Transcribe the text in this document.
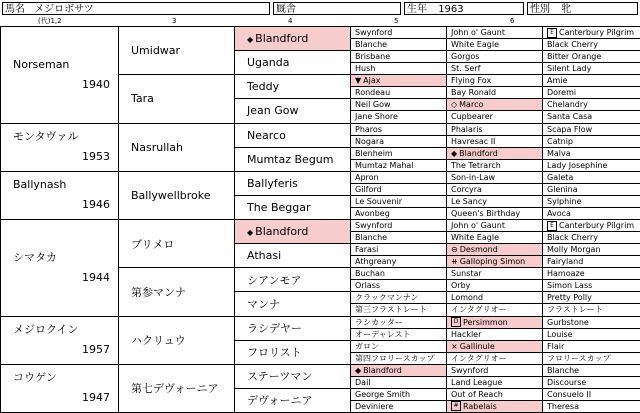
馬名 メジロボサツ	厩舎	生年 1963	性別 牝
(代)1,2	3	4	5	6
Norseman
1940	Umidwar	◆ Blandford	Swynford	John o' Gaunt	E Canterbury Pilgrim
			Blanche	White Eagle	Black Cherry
		Uganda	Brisbane	Gorgos	Bitter Orange
			Hush	St. Serf	Silent Lady
	Tara	Teddy	▼ Ajax	Flying Fox	Amie
			Rondeau	Bay Ronald	Doremi
		Jean Gow	Neil Gow	◇ Marco	Chelandry
			Jane Shore	Cupbearer	Santa Casa
モンタヴァル
1953	Nasrullah	Nearco	Pharos	Phalaris	Scapa Flow
			Nogara	Havresac II	Catnip
		Mumtaz Begum	Blenheim	◆ Blandford	Malva
			Mumtaz Mahal	The Tetrarch	Lady Josephine
Ballynash
1946	Ballywellbroke	Ballyferis	Apron	Son-in-Law	Galeta
			Gilford	Corcyra	Glenina
		The Beggar	Le Souvenir	Le Sancy	Sylphine
			Avonbeg	Queen's Birthday	Avoca
シマタカ
1944	ブリメロ	◆ Blandford	Swynford	John o' Gaunt	E Canterbury Pilgrim
			Blanche	White Eagle	Black Cherry
		Athasi	Farasi	⊖ Desmond	Molly Morgan
			Athgreany	⧺ Galloping Simon	Fairyland
	第参マンナ	シアンモア	Buchan	Sunstar	Hamoaze
			Orlass	Orby	Simon Lass
		マンナ	クラックマンナン	Lomond	Pretty Polly
			第三フラストレート	インタグリオー	フラストレート
メジロクイン
1957	ハクリュウ	ラシデヤー	ラシカッター	D Persimmon	Gurbstone
			オーデャレスト	Hackler	Louise
		フロリスト	ガロン	× Gallinule	Flair
			第四フロリースカップ	インタグリオー	フロリースカップ
コウゲン
1947	第七デヴォーニア	ステーツマン	◆ Blandford	Swynford	Blanche
			Dail	Land League	Discourse
		デヴォーニア	George Smith	Out of Reach	Consuelo II
			Deviniere	# Rabelais	Theresa
